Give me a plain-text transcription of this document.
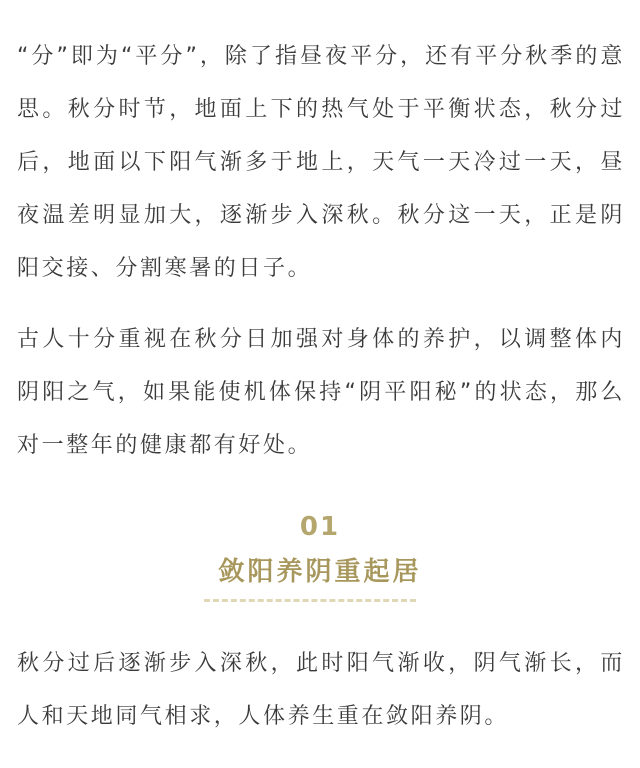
“分”即为“平分”，除了指昼夜平分，还有平分秋季的意思。秋分时节，地面上下的热气处于平衡状态，秋分过后，地面以下阳气渐多于地上，天气一天冷过一天，昼夜温差明显加大，逐渐步入深秋。秋分这一天，正是阴阳交接、分割寒暑的日子。

古人十分重视在秋分日加强对身体的养护，以调整体内阴阳之气，如果能使机体保持“阴平阳秘”的状态，那么对一整年的健康都有好处。

01
敛阳养阴重起居

秋分过后逐渐步入深秋，此时阳气渐收，阴气渐长，而人和天地同气相求，人体养生重在敛阳养阴。
